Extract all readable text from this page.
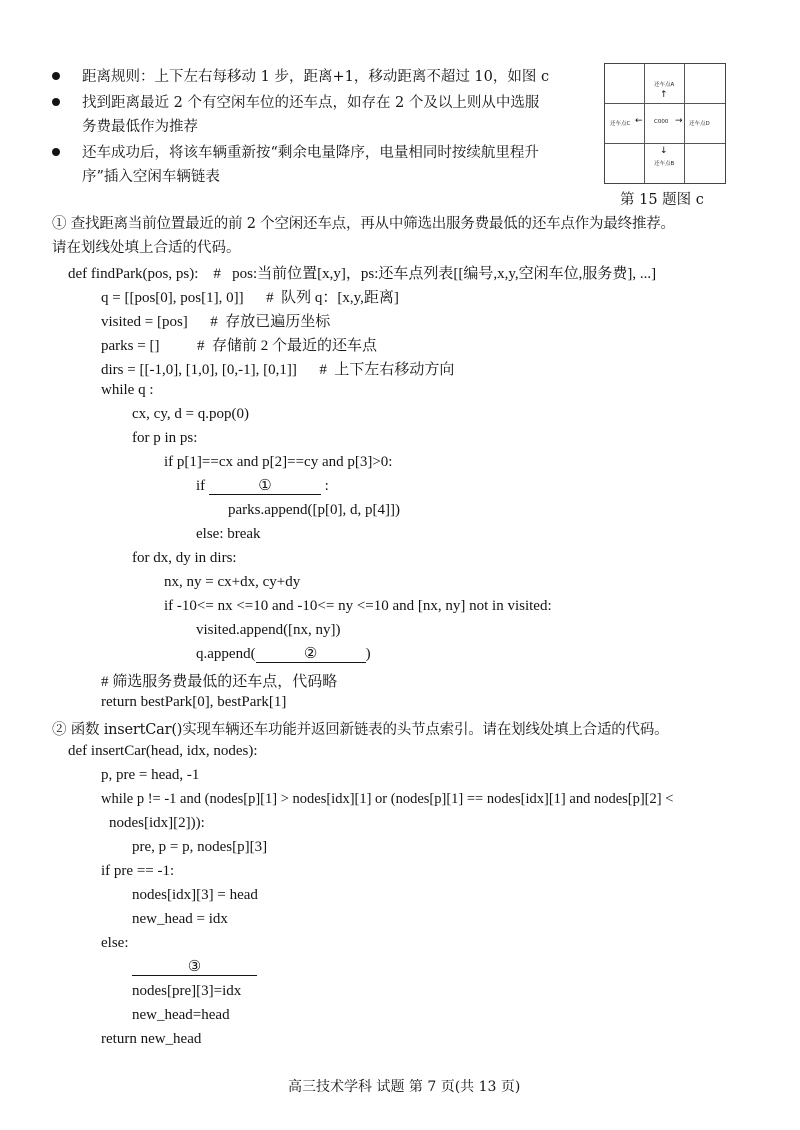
距离规则：上下左右每移动 1 步，距离+1，移动距离不超过 10，如图 c
找到距离最近 2 个有空闲车位的还车点，如存在 2 个及以上则从中选服
务费最低作为推荐
还车成功后，将该车辆重新按“剩余电量降序，电量相同时按续航里程升
序”插入空闲车辆链表
还车点A
↑
还车点C ← C000 → 还车点D
↓
还车点B
第 15 题图 c
① 查找距离当前位置最近的前 2 个空闲还车点，再从中筛选出服务费最低的还车点作为最终推荐。
请在划线处填上合适的代码。
def findPark(pos, ps):    #   pos:当前位置[x,y]，ps:还车点列表[[编号,x,y,空闲车位,服务费], ...]
q = [[pos[0], pos[1], 0]]      #  队列 q：[x,y,距离]
visited = [pos]      #  存放已遍历坐标
parks = []          #  存储前 2 个最近的还车点
dirs = [[-1,0], [1,0], [0,-1], [0,1]]      #  上下左右移动方向
while q :
cx, cy, d = q.pop(0)
for p in ps:
if p[1]==cx and p[2]==cy and p[3]>0:
if	①	:
parks.append([p[0], d, p[4]])
else: break
for dx, dy in dirs:
nx, ny = cx+dx, cy+dy
if -10<= nx <=10 and -10<= ny <=10 and [nx, ny] not in visited:
visited.append([nx, ny])
q.append(	②	)
# 筛选服务费最低的还车点，代码略
return bestPark[0], bestPark[1]
② 函数 insertCar()实现车辆还车功能并返回新链表的头节点索引。请在划线处填上合适的代码。
def insertCar(head, idx, nodes):
p, pre = head, -1
while p != -1 and (nodes[p][1] > nodes[idx][1] or (nodes[p][1] == nodes[idx][1] and nodes[p][2] <
nodes[idx][2])):
pre, p = p, nodes[p][3]
if pre == -1:
nodes[idx][3] = head
new_head = idx
else:
③
nodes[pre][3]=idx
new_head=head
return new_head
高三技术学科 试题 第 7 页(共 13 页)
